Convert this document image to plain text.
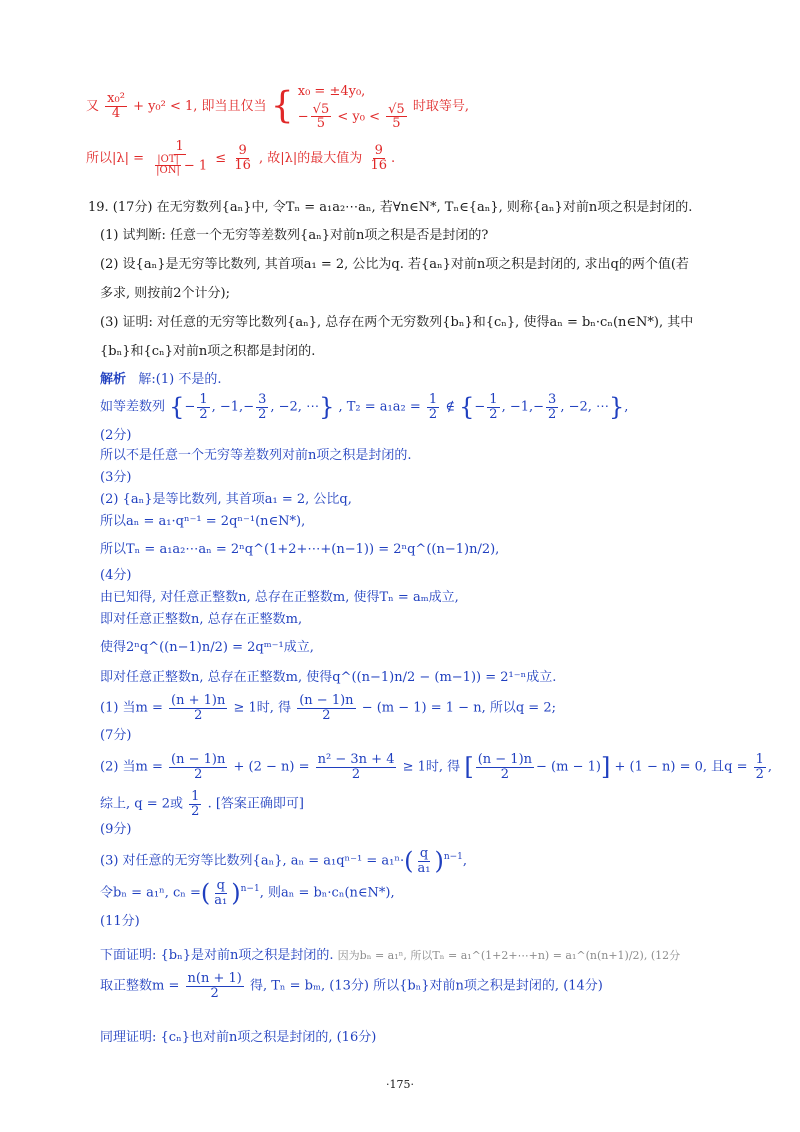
又 $\frac{\text{x₀²}}{4} + y_0^2 < 1$, 即当且仅当 { x₀ = ±4y₀,
− $\frac{√5}{5} < y_0 < \frac{√5}{5}$ 时取等号,
所以$|\lambda| = \frac{1}{\frac{|OT|}{|ON|} - 1} \le \frac{9}{16}$ , 故|λ|的最大值为 $\frac{9}{16}$ .
19. (17分) 在无穷数列{aₙ}中, 令Tₙ = a₁a₂⋯aₙ, 若∀n∈N*, Tₙ∈{aₙ}, 则称{aₙ}对前n项之积是封闭的.
(1) 试判断: 任意一个无穷等差数列{aₙ}对前n项之积是否是封闭的?
(2) 设{aₙ}是无穷等比数列, 其首项a₁ = 2, 公比为q. 若{aₙ}对前n项之积是封闭的, 求出q的两个值(若
多求, 则按前2个计分);
(3) 证明: 对任意的无穷等比数列{aₙ}, 总存在两个无穷数列{bₙ}和{cₙ}, 使得aₙ = bₙ·cₙ(n∈N*), 其中
{bₙ}和{cₙ}对前n项之积都是封闭的.
解析 解:(1) 不是的.
如等差数列 {− $\frac{1}{2}$ , $-1,- \frac{3}{2}$ , −2, ⋯} , $T_2 = a_1a_2 = \frac{1}{2}$ ∉ {− $\frac{1}{2}$ , $-1,- \frac{3}{2}$ , −2, ⋯},
(2分)
所以不是任意一个无穷等差数列对前n项之积是封闭的.
(3分)
(2) {aₙ}是等比数列, 其首项a₁ = 2, 公比q,
所以aₙ = a₁·qⁿ⁻¹ = 2qⁿ⁻¹(n∈N*),
所以Tₙ = a₁a₂⋯aₙ = 2ⁿq^(1+2+⋯+(n−1)) = 2ⁿq^((n−1)n/2),
(4分)
由已知得, 对任意正整数n, 总存在正整数m, 使得Tₙ = aₘ成立,
即对任意正整数n, 总存在正整数m,
使得2ⁿq^((n−1)n/2) = 2qᵐ⁻¹成立,
即对任意正整数n, 总存在正整数m, 使得q^((n−1)n/2 − (m−1)) = 2¹⁻ⁿ成立.
(1) 当$m = \frac{(n + 1)n}{2} \ge 1$时, 得 $\frac{(n - 1)n}{2} - (m - 1) = 1 - n$, 所以q = 2;
(7分)
(2) 当$m = \frac{(n - 1)n}{2} + (2 - n) = \frac{\text{n² − 3n + 4}}{2} \ge 1$时, 得 [ $\frac{(n - 1)n}{2} - (m - 1)] + (1 - n) = 0$, 且$q = \frac{1}{2}$ ,
综上, q = 2或 $\frac{1}{2}$ . [答案正确即可]
(9分)
(3) 对任意的无穷等比数列{aₙ}, $a_n = a_1q^{n-1} = a_1^n\cdot( \frac{q}{\text{a₁}} )^{n-1}$,
令bₙ = a₁ⁿ, cₙ =( $\frac{q}{\text{a₁}} )^{n-1}$, 则aₙ = bₙ·cₙ(n∈N*),
(11分)
下面证明: {bₙ}是对前n项之积是封闭的. 因为bₙ = a₁ⁿ, 所以Tₙ = a₁^(1+2+⋯+n) = a₁^(n(n+1)/2), (12分
取正整数$m = \frac{n(n + 1)}{2}$ 得, Tₙ = bₘ, (13分) 所以{bₙ}对前n项之积是封闭的, (14分)
同理证明: {cₙ}也对前n项之积是封闭的, (16分)
·175·
